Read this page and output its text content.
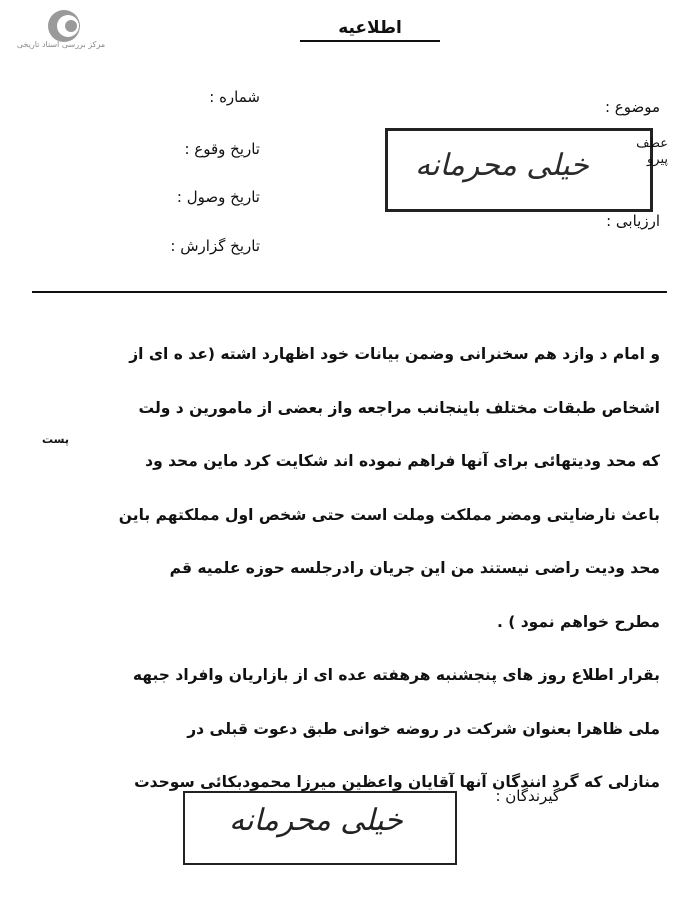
مرکز بررسی اسناد تاریخی
اطلاعیه
شماره :
تاریخ وقوع :
تاریخ وصول :
تاریخ گزارش :
موضوع :
ارزیابی :
خیلی محرمانه
عطف
پیرو
و امام د وازد هم سخنرانی وضمن بیانات خود اظهارد اشته (عد ه ای از
اشخاص طبقات مختلف باینجانب مراجعه واز بعضی از مامورین د ولت
که محد ودیتهائی برای آنها فراهم نموده اند شکایت کرد ماین محد ود
باعث نارضایتی ومضر مملکت وملت است حتی شخص اول مملکتهم باین
محد ودیت راضی نیستند من این جریان رادرجلسه حوزه علمیه قم
مطرح خواهم نمود ) .
بقرار اطلاع روز های پنجشنبه هرهفته عده ای از بازاریان وافراد جبهه
ملی ظاهرا بعنوان شرکت در روضه خوانی طبق دعوت قبلی در
منازلی که گرد انندگان آنها آقایان واعظین میرزا محمودبکائی سوحدت
پست
گیرندگان :
خیلی محرمانه
